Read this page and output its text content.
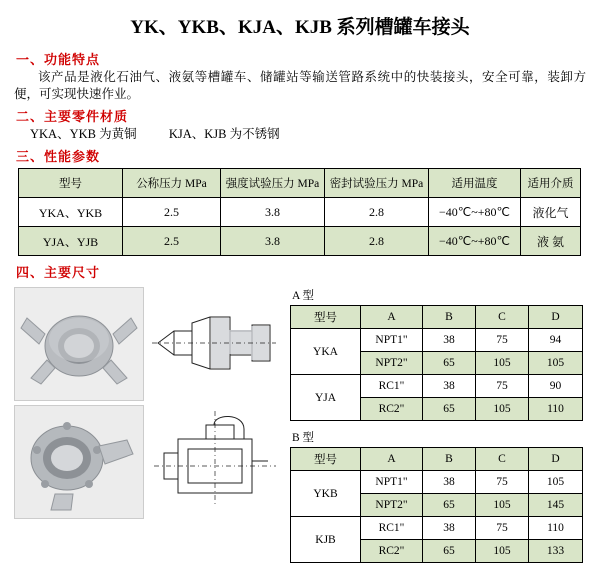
YK、YKB、KJA、KJB 系列槽罐车接头
一、功能特点

该产品是液化石油气、液氨等槽罐车、储罐站等输送管路系统中的快装接头，安全可靠，装卸方便，可实现快速作业。

二、主要零件材质
YKA、YKB 为黄铜	KJA、KJB 为不锈钢
三、性能参数
型号	公称压力 MPa	强度试验压力 MPa	密封试验压力 MPa	适用温度	适用介质
YKA、YKB	2.5	3.8	2.8	−40℃~+80℃	液化气
YJA、YJB	2.5	3.8	2.8	−40℃~+80℃	液 氨
四、主要尺寸
A 型
型号	A	B	C	D
YKA	NPT1"	38	75	94
	NPT2"	65	105	105
YJA	RC1"	38	75	90
	RC2"	65	105	110
B 型
型号	A	B	C	D
YKB	NPT1"	38	75	105
	NPT2"	65	105	145
KJB	RC1"	38	75	110
	RC2"	65	105	133
